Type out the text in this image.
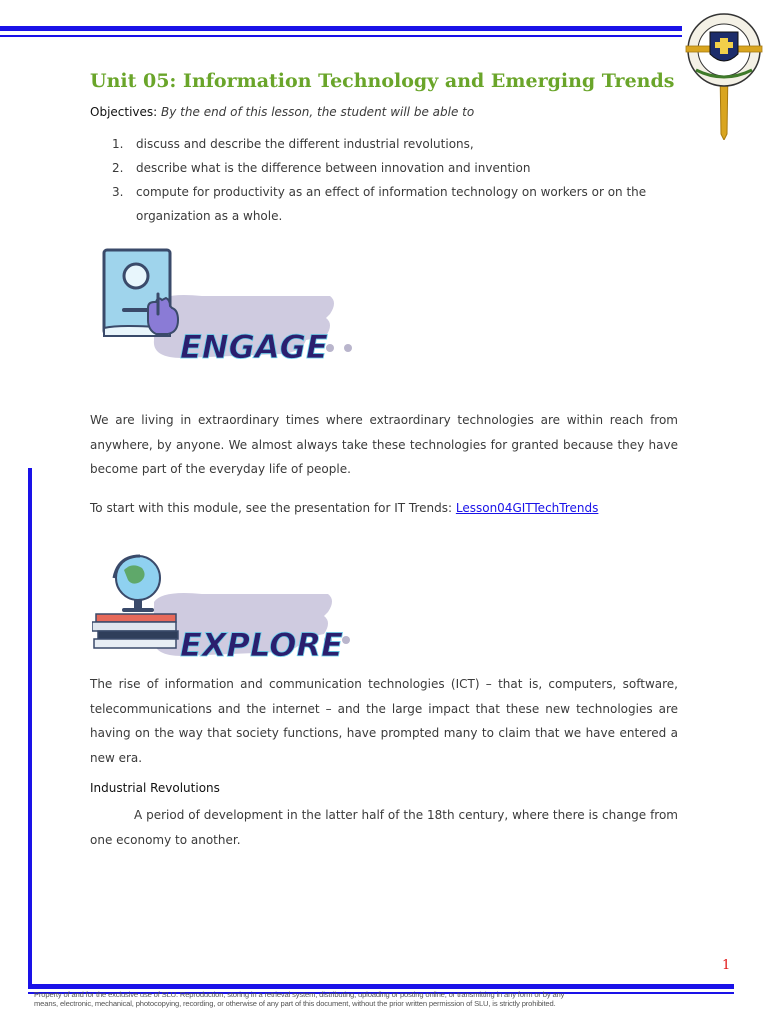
Unit 05: Information Technology and Emerging Trends
Objectives: By the end of this lesson, the student will be able to
1. discuss and describe the different industrial revolutions,
2. describe what is the difference between innovation and invention
3. compute for productivity as an effect of information technology on workers or on the organization as a whole.
ENGAGE

We are living in extraordinary times where extraordinary technologies are within reach from anywhere, by anyone. We almost always take these technologies for granted because they have become part of the everyday life of people.

To start with this module, see the presentation for IT Trends: Lesson04GITTechTrends

EXPLORE

The rise of information and communication technologies (ICT) – that is, computers, software, telecommunications and the internet – and the large impact that these new technologies are having on the way that society functions, have prompted many to claim that we have entered a new era.

Industrial Revolutions

A period of development in the latter half of the 18th century, where there is change from one economy to another.

1
Property of and for the exclusive use of SLU. Reproduction, storing in a retrieval system, distributing, uploading or posting online, or transmitting in any form or by any
means, electronic, mechanical, photocopying, recording, or otherwise of any part of this document, without the prior written permission of SLU, is strictly prohibited.
